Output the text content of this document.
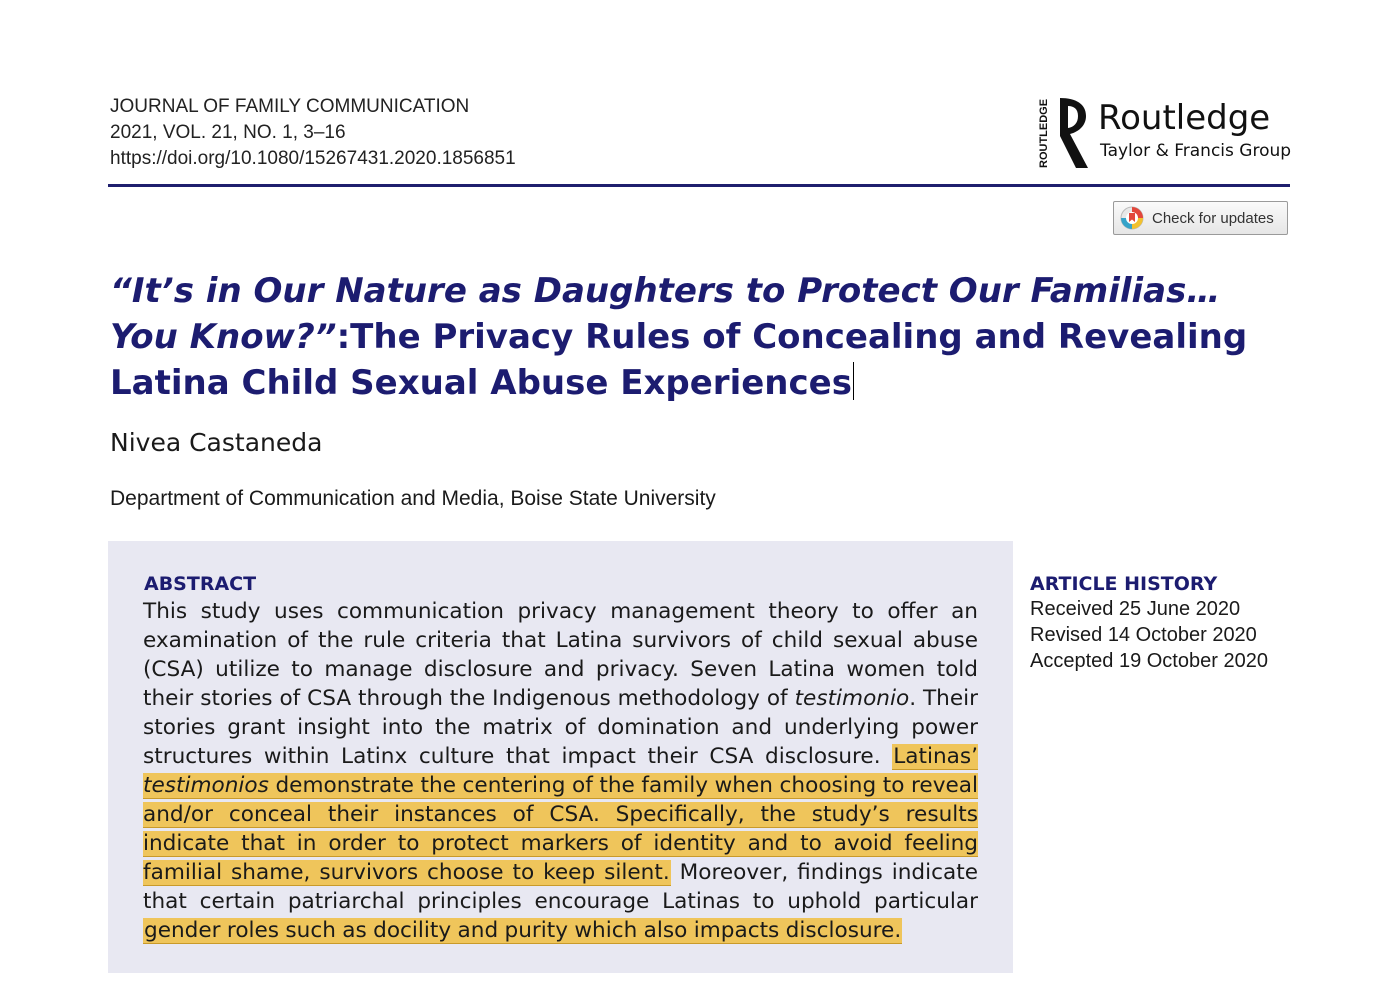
JOURNAL OF FAMILY COMMUNICATION
2021, VOL. 21, NO. 1, 3–16
https://doi.org/10.1080/15267431.2020.1856851	ROUTLEDGE Routledge
Taylor & Francis Group
Check for updates
“It’s in Our Nature as Daughters to Protect Our Familias… You Know?”:The Privacy Rules of Concealing and Revealing Latina Child Sexual Abuse Experiences
Nivea Castaneda
Department of Communication and Media, Boise State University
ABSTRACT
This study uses communication privacy management theory to offer an examination of the rule criteria that Latina survivors of child sexual abuse (CSA) utilize to manage disclosure and privacy. Seven Latina women told their stories of CSA through the Indigenous methodology of testimonio. Their stories grant insight into the matrix of domination and underlying power structures within Latinx culture that impact their CSA disclosure. Latinas’ testimonios demonstrate the centering of the family when choosing to reveal and/or conceal their instances of CSA. Specifically, the study’s results indicate that in order to protect markers of identity and to avoid feeling familial shame, survivors choose to keep silent. Moreover, findings indicate that certain patriarchal principles encourage Latinas to uphold particular gender roles such as docility and purity which also impacts disclosure.
ARTICLE HISTORY
Received 25 June 2020
Revised 14 October 2020
Accepted 19 October 2020
